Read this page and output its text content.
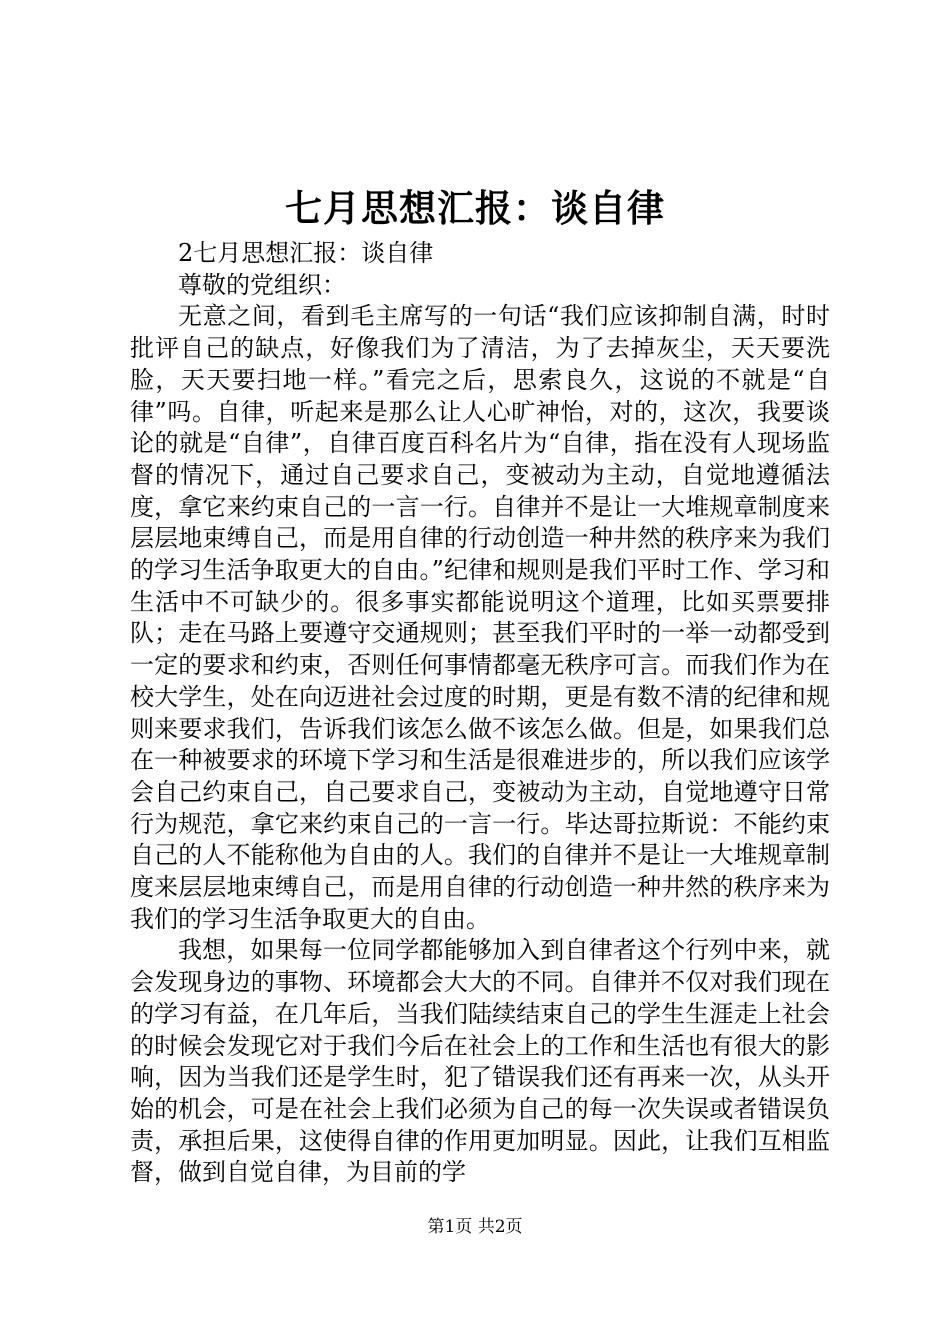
七月思想汇报：谈自律

2七月思想汇报：谈自律

尊敬的党组织：

无意之间，看到毛主席写的一句话“我们应该抑制自满，时时批评自己的缺点，好像我们为了清洁，为了去掉灰尘，天天要洗脸，天天要扫地一样。”看完之后，思索良久，这说的不就是“自律”吗。自律，听起来是那么让人心旷神怡，对的，这次，我要谈论的就是“自律”，自律百度百科名片为“自律，指在没有人现场监督的情况下，通过自己要求自己，变被动为主动，自觉地遵循法度，拿它来约束自己的一言一行。自律并不是让一大堆规章制度来层层地束缚自己，而是用自律的行动创造一种井然的秩序来为我们的学习生活争取更大的自由。”纪律和规则是我们平时工作、学习和生活中不可缺少的。很多事实都能说明这个道理，比如买票要排队；走在马路上要遵守交通规则；甚至我们平时的一举一动都受到一定的要求和约束，否则任何事情都毫无秩序可言。而我们作为在校大学生，处在向迈进社会过度的时期，更是有数不清的纪律和规则来要求我们，告诉我们该怎么做不该怎么做。但是，如果我们总在一种被要求的环境下学习和生活是很难进步的，所以我们应该学会自己约束自己，自己要求自己，变被动为主动，自觉地遵守日常行为规范，拿它来约束自己的一言一行。毕达哥拉斯说：不能约束自己的人不能称他为自由的人。我们的自律并不是让一大堆规章制度来层层地束缚自己，而是用自律的行动创造一种井然的秩序来为我们的学习生活争取更大的自由。

我想，如果每一位同学都能够加入到自律者这个行列中来，就会发现身边的事物、环境都会大大的不同。自律并不仅对我们现在的学习有益，在几年后，当我们陆续结束自己的学生生涯走上社会的时候会发现它对于我们今后在社会上的工作和生活也有很大的影响，因为当我们还是学生时，犯了错误我们还有再来一次，从头开始的机会，可是在社会上我们必须为自己的每一次失误或者错误负责，承担后果，这使得自律的作用更加明显。因此，让我们互相监督，做到自觉自律，为目前的学

第1页 共2页
